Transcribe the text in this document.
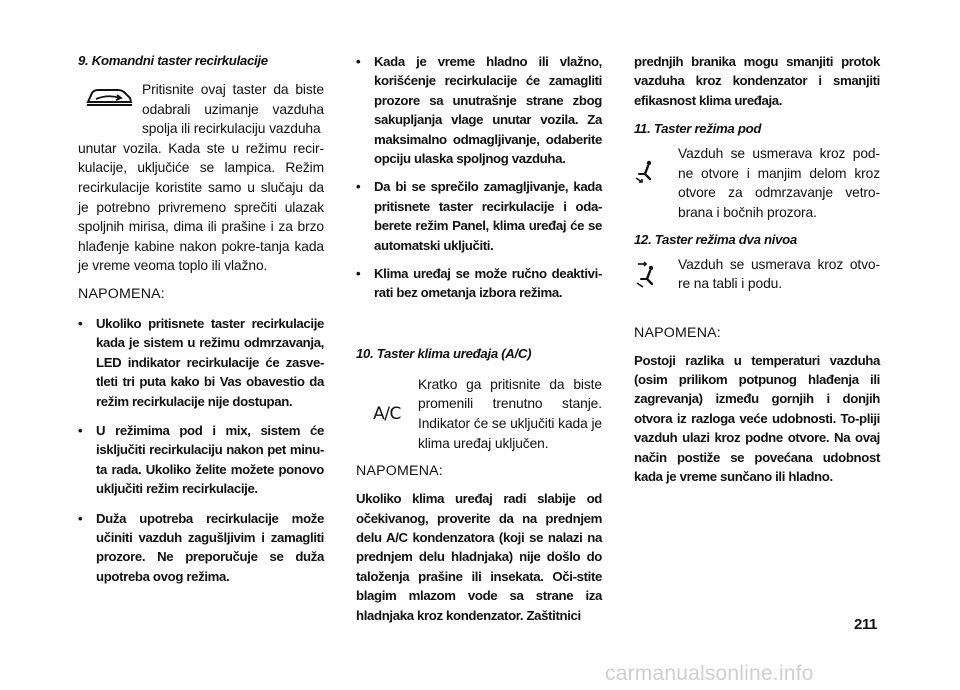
9. Komandni taster recirkulacije

Pritisnite ovaj taster da biste odabrali uzimanje vazduha spolja ili recirkulaciju vazduha

unutar vozila. Kada ste u režimu recir-kulacije, uključiće se lampica. Režim recirkulacije koristite samo u slučaju da je potrebno privremeno sprečiti ulazak spoljnih mirisa, dima ili prašine i za brzo hlađenje kabine nakon pokre-tanja kada je vreme veoma toplo ili vlažno.

NAPOMENA:

• Ukoliko pritisnete taster recirkulacije kada je sistem u režimu odmrzavanja, LED indikator recirkulacije će zasve-tleti tri puta kako bi Vas obavestio da režim recirkulacije nije dostupan.
• U režimima pod i mix, sistem će isključiti recirkulaciju nakon pet minu-ta rada. Ukoliko želite možete ponovo uključiti režim recirkulacije.
• Duža upotreba recirkulacije može učiniti vazduh zagušljivim i zamagliti prozore. Ne preporučuje se duža upotreba ovog režima.
• Kada je vreme hladno ili vlažno, korišćenje recirkulacije će zamagliti prozore sa unutrašnje strane zbog sakupljanja vlage unutar vozila. Za maksimalno odmagljivanje, odaberite opciju ulaska spoljnog vazduha.
• Da bi se sprečilo zamagljivanje, kada pritisnete taster recirkulacije i oda-berete režim Panel, klima uređaj će se automatski uključiti.
• Klima uređaj se može ručno deaktivi-rati bez ometanja izbora režima.

10. Taster klima uređaja (A/C)

A/C

Kratko ga pritisnite da biste promenili trenutno stanje. Indikator će se uključiti kada je klima uređaj uključen.

NAPOMENA:

Ukoliko klima uređaj radi slabije od očekivanog, proverite da na prednjem delu A/C kondenzatora (koji se nalazi na prednjem delu hladnjaka) nije došlo do taloženja prašine ili insekata. Oči-stite blagim mlazom vode sa strane iza hladnjaka kroz kondenzator. Zaštitnici

prednjih branika mogu smanjiti protok vazduha kroz kondenzator i smanjiti efikasnost klima uređaja.

11. Taster režima pod

Vazduh se usmerava kroz pod-ne otvore i manjim delom kroz otvore za odmrzavanje vetro-brana i bočnih prozora.

12. Taster režima dva nivoa

Vazduh se usmerava kroz otvo-re na tabli i podu.

NAPOMENA:

Postoji razlika u temperaturi vazduha (osim prilikom potpunog hlađenja ili zagrevanja) između gornjih i donjih otvora iz razloga veće udobnosti. To-pliji vazduh ulazi kroz podne otvore. Na ovaj način postiže se povećana udobnost kada je vreme sunčano ili hladno.

211
carmanualsonline.info
